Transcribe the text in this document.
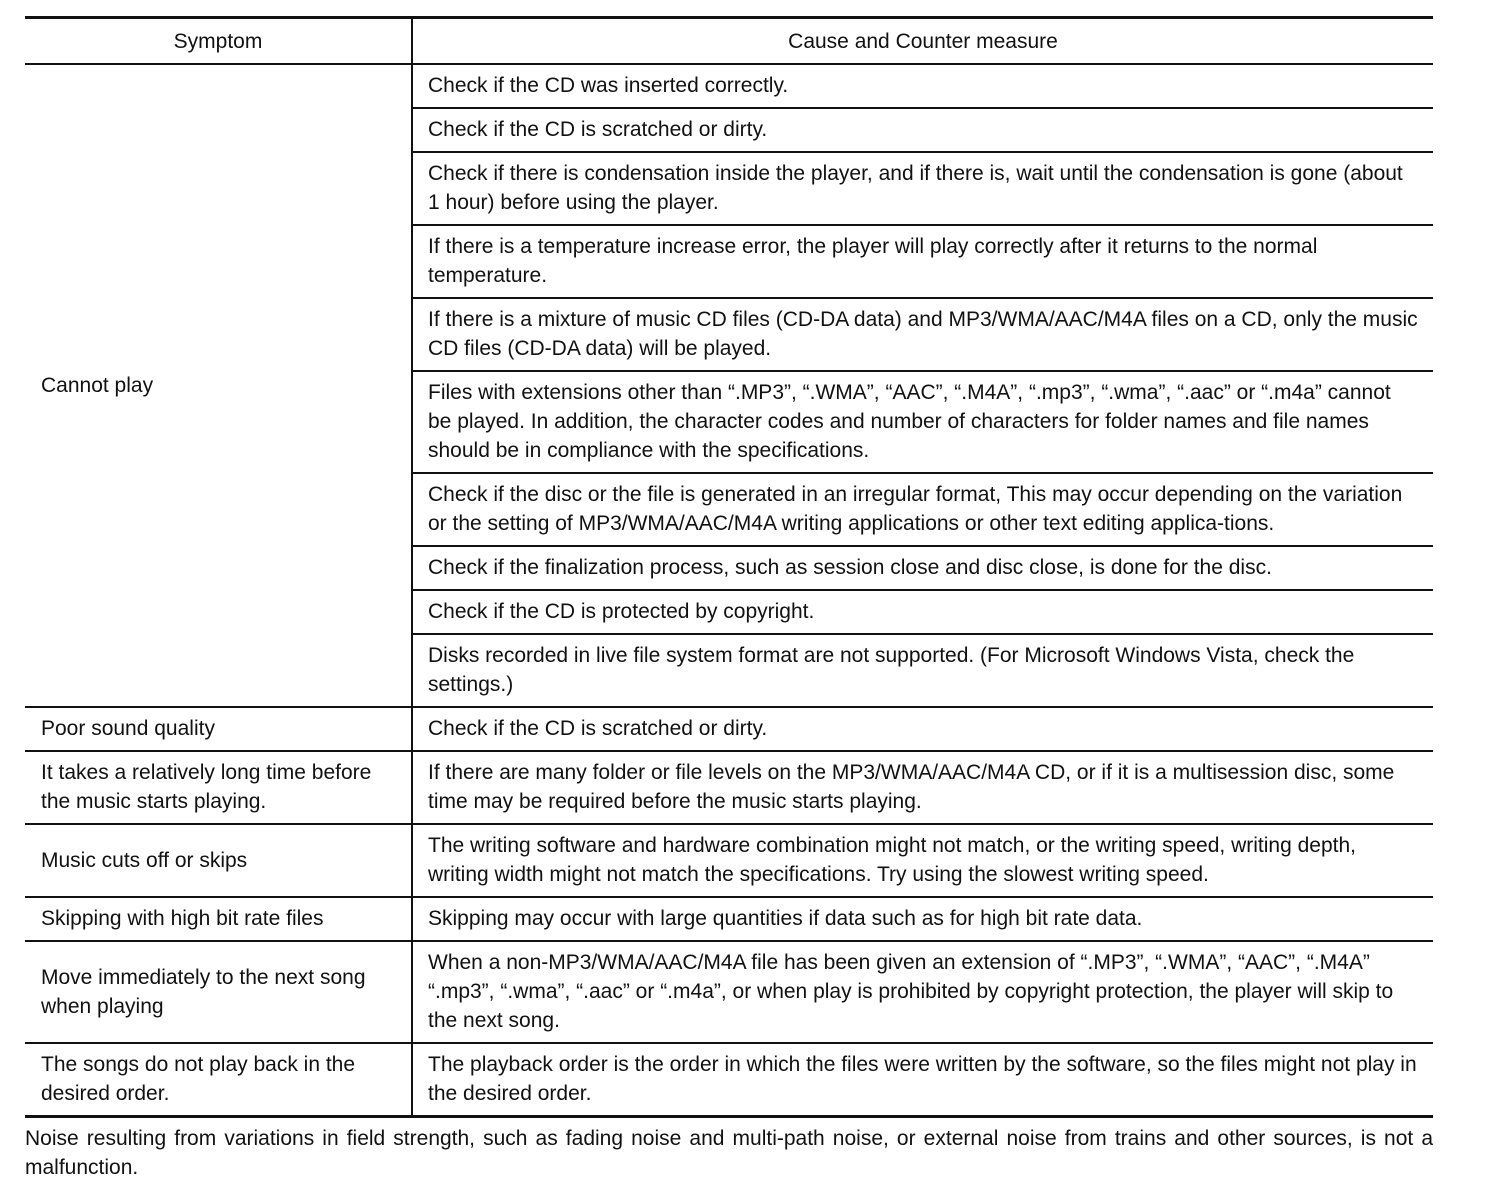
Symptom	Cause and Counter measure
Cannot play	Check if the CD was inserted correctly.
	Check if the CD is scratched or dirty.
	Check if there is condensation inside the player, and if there is, wait until the condensation is gone (about 1 hour) before using the player.
	If there is a temperature increase error, the player will play correctly after it returns to the normal temperature.
	If there is a mixture of music CD files (CD-DA data) and MP3/WMA/AAC/M4A files on a CD, only the music CD files (CD-DA data) will be played.
	Files with extensions other than “.MP3”, “.WMA”, “AAC”, “.M4A”, “.mp3”, “.wma”, “.aac” or “.m4a” cannot be played. In addition, the character codes and number of characters for folder names and file names should be in compliance with the specifications.
	Check if the disc or the file is generated in an irregular format, This may occur depending on the variation or the setting of MP3/WMA/AAC/M4A writing applications or other text editing applica-tions.
	Check if the finalization process, such as session close and disc close, is done for the disc.
	Check if the CD is protected by copyright.
	Disks recorded in live file system format are not supported. (For Microsoft Windows Vista, check the settings.)
Poor sound quality	Check if the CD is scratched or dirty.
It takes a relatively long time before the music starts playing.	If there are many folder or file levels on the MP3/WMA/AAC/M4A CD, or if it is a multisession disc, some time may be required before the music starts playing.
Music cuts off or skips	The writing software and hardware combination might not match, or the writing speed, writing depth, writing width might not match the specifications. Try using the slowest writing speed.
Skipping with high bit rate files	Skipping may occur with large quantities if data such as for high bit rate data.
Move immediately to the next song when playing	When a non-MP3/WMA/AAC/M4A file has been given an extension of “.MP3”, “.WMA”, “AAC”, “.M4A” “.mp3”, “.wma”, “.aac” or “.m4a”, or when play is prohibited by copyright protection, the player will skip to the next song.
The songs do not play back in the desired order.	The playback order is the order in which the files were written by the software, so the files might not play in the desired order.

Noise resulting from variations in field strength, such as fading noise and multi-path noise, or external noise from trains and other sources, is not a malfunction.
